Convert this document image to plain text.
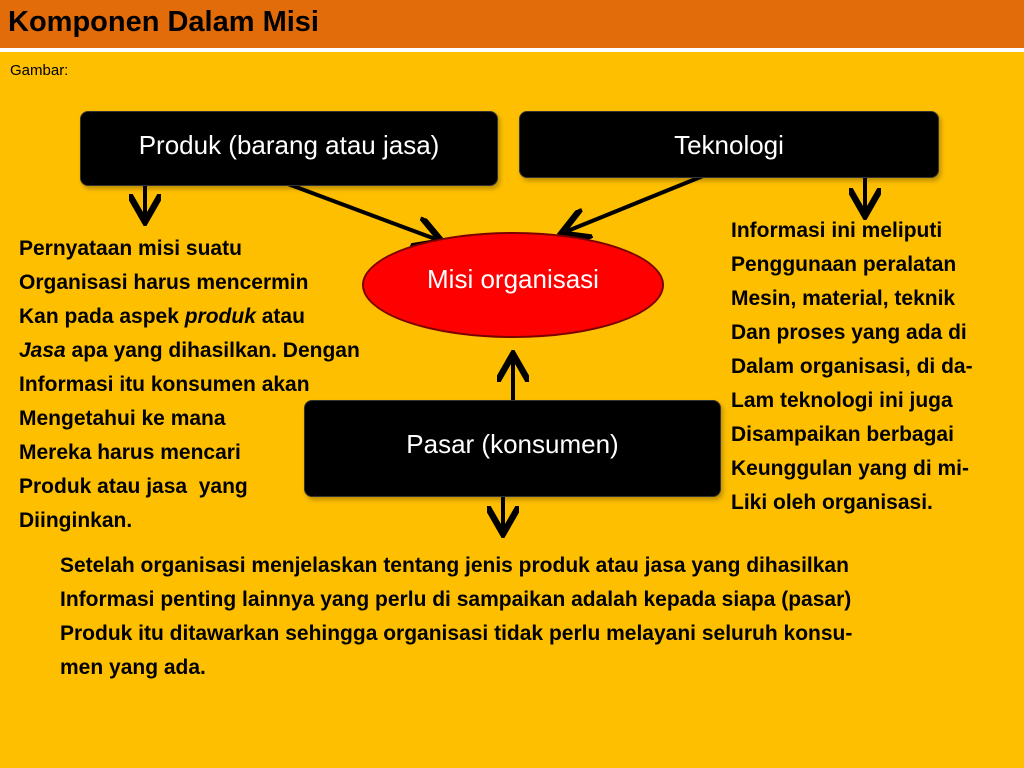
Komponen Dalam Misi
Gambar:
Produk (barang atau jasa)	Teknologi
Misi organisasi
Pasar (konsumen)
Pernyataan misi suatu
Organisasi harus mencermin
Kan pada aspek produk atau
Jasa apa yang dihasilkan. Dengan
Informasi itu konsumen akan
Mengetahui ke mana
Mereka harus mencari
Produk atau jasa  yang
Diinginkan.
Informasi ini meliputi
Penggunaan peralatan
Mesin, material, teknik
Dan proses yang ada di
Dalam organisasi, di da-
Lam teknologi ini juga
Disampaikan berbagai
Keunggulan yang di mi-
Liki oleh organisasi.
Setelah organisasi menjelaskan tentang jenis produk atau jasa yang dihasilkan
Informasi penting lainnya yang perlu di sampaikan adalah kepada siapa (pasar)
Produk itu ditawarkan sehingga organisasi tidak perlu melayani seluruh konsu-
men yang ada.
